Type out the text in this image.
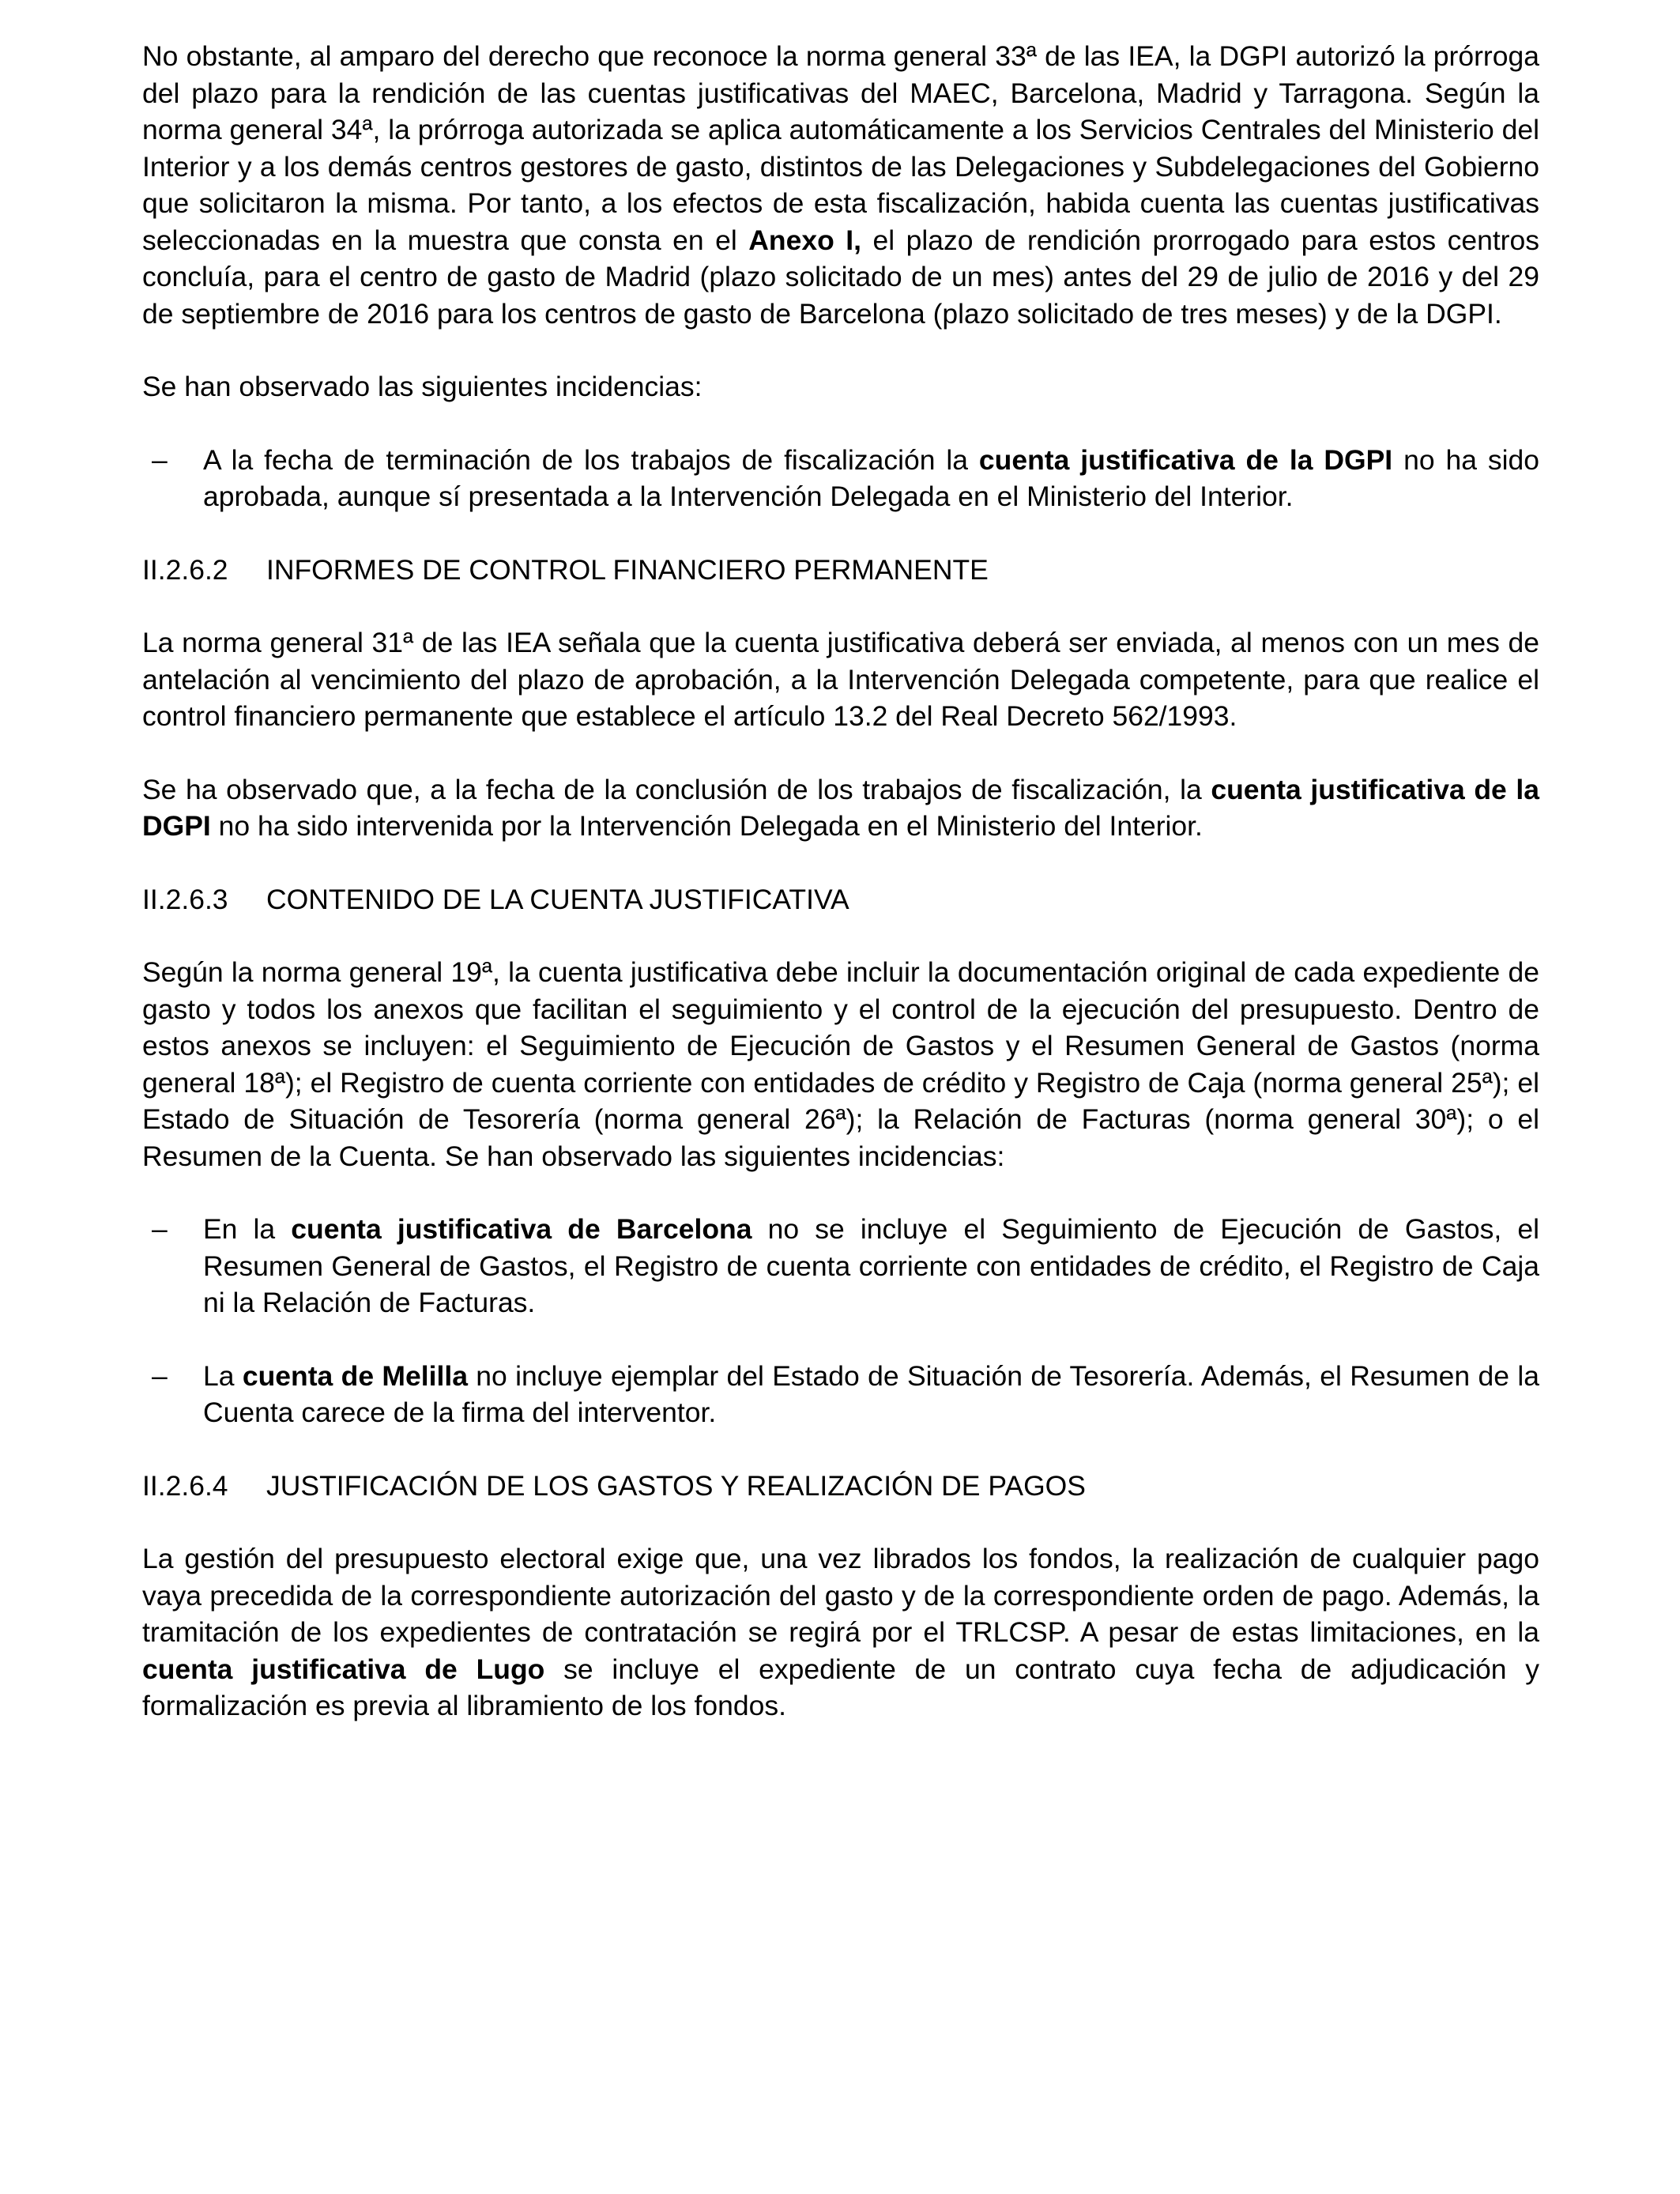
No obstante, al amparo del derecho que reconoce la norma general 33ª de las IEA, la DGPI autorizó la prórroga del plazo para la rendición de las cuentas justificativas del MAEC, Barcelona, Madrid y Tarragona. Según la norma general 34ª, la prórroga autorizada se aplica automáticamente a los Servicios Centrales del Ministerio del Interior y a los demás centros gestores de gasto, distintos de las Delegaciones y Subdelegaciones del Gobierno que solicitaron la misma. Por tanto, a los efectos de esta fiscalización, habida cuenta las cuentas justificativas seleccionadas en la muestra que consta en el Anexo I, el plazo de rendición prorrogado para estos centros concluía, para el centro de gasto de Madrid (plazo solicitado de un mes) antes del 29 de julio de 2016 y del 29 de septiembre de 2016 para los centros de gasto de Barcelona (plazo solicitado de tres meses) y de la DGPI.

Se han observado las siguientes incidencias:

– A la fecha de terminación de los trabajos de fiscalización la cuenta justificativa de la DGPI no ha sido aprobada, aunque sí presentada a la Intervención Delegada en el Ministerio del Interior.
II.2.6.2 INFORMES DE CONTROL FINANCIERO PERMANENTE

La norma general 31ª de las IEA señala que la cuenta justificativa deberá ser enviada, al menos con un mes de antelación al vencimiento del plazo de aprobación, a la Intervención Delegada competente, para que realice el control financiero permanente que establece el artículo 13.2 del Real Decreto 562/1993.

Se ha observado que, a la fecha de la conclusión de los trabajos de fiscalización, la cuenta justificativa de la DGPI no ha sido intervenida por la Intervención Delegada en el Ministerio del Interior.

II.2.6.3 CONTENIDO DE LA CUENTA JUSTIFICATIVA

Según la norma general 19ª, la cuenta justificativa debe incluir la documentación original de cada expediente de gasto y todos los anexos que facilitan el seguimiento y el control de la ejecución del presupuesto. Dentro de estos anexos se incluyen: el Seguimiento de Ejecución de Gastos y el Resumen General de Gastos (norma general 18ª); el Registro de cuenta corriente con entidades de crédito y Registro de Caja (norma general 25ª); el Estado de Situación de Tesorería (norma general 26ª); la Relación de Facturas (norma general 30ª); o el Resumen de la Cuenta. Se han observado las siguientes incidencias:

– En la cuenta justificativa de Barcelona no se incluye el Seguimiento de Ejecución de Gastos, el Resumen General de Gastos, el Registro de cuenta corriente con entidades de crédito, el Registro de Caja ni la Relación de Facturas.
– La cuenta de Melilla no incluye ejemplar del Estado de Situación de Tesorería. Además, el Resumen de la Cuenta carece de la firma del interventor.
II.2.6.4 JUSTIFICACIÓN DE LOS GASTOS Y REALIZACIÓN DE PAGOS

La gestión del presupuesto electoral exige que, una vez librados los fondos, la realización de cualquier pago vaya precedida de la correspondiente autorización del gasto y de la correspondiente orden de pago. Además, la tramitación de los expedientes de contratación se regirá por el TRLCSP. A pesar de estas limitaciones, en la cuenta justificativa de Lugo se incluye el expediente de un contrato cuya fecha de adjudicación y formalización es previa al libramiento de los fondos.
